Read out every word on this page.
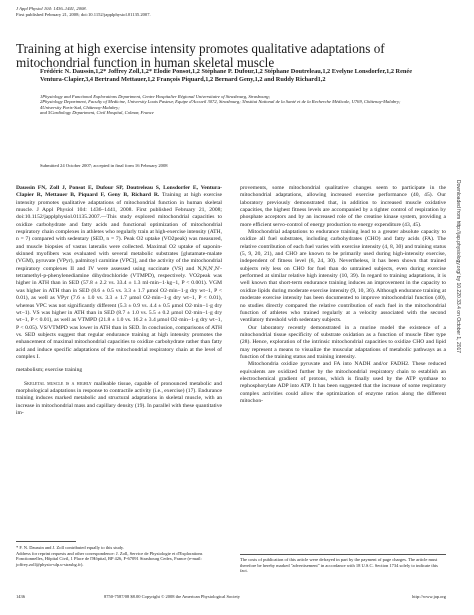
J Appl Physiol 104: 1436–1441, 2008.
First published February 21, 2008; doi:10.1152/japplphysiol.01135.2007.
Training at high exercise intensity promotes qualitative adaptations of mitochondrial function in human skeletal muscle
Frédéric N. Daussin,1,2* Joffrey Zoll,1,2* Elodie Ponsot,1,2 Stéphane P. Dufour,1,2 Stéphane Doutreleau,1,2 Evelyne Lonsdorfer,1,2 Renée Ventura-Clapier,3,4 Bertrand Mettauer,1,2 François Piquard,1,2 Bernard Geny,1,2 and Ruddy Richard1,2
1Physiology and Functional Explorations Department, Centre Hospitalier Régional Universitaire of Strasbourg, Strasbourg;
2Physiology Department, Faculty of Medicine, University Louis Pasteur, Equipe d'Accueil 3072, Strasbourg; 3Institut National de la Santé et de la Recherche Médicale, U769, Châtenay-Malabry; 4University Paris-Sud, Châtenay-Malabry;
and 5Cardiology Department, Civil Hospital, Colmar, France
Submitted 24 October 2007; accepted in final form 16 February 2008
Downloaded from http://jap.physiology.org/ by 10.220.33.4 on October 1, 2017

Daussin FN, Zoll J, Ponsot E, Dufour SP, Doutreleau S, Lonsdorfer E, Ventura-Clapier R, Mettauer B, Piquard F, Geny B, Richard R. Training at high exercise intensity promotes qualitative adaptations of mitochondrial function in human skeletal muscle. J Appl Physiol 104: 1436–1441, 2008. First published February 21, 2008; doi:10.1152/japplphysiol.01135.2007.—This study explored mitochondrial capacities to oxidize carbohydrate and fatty acids and functional optimization of mitochondrial respiratory chain complexes in athletes who regularly train at high-exercise intensity (ATH, n = 7) compared with sedentary (SED, n = 7). Peak O2 uptake (VO2peak) was measured, and muscle biopsies of vastus lateralis were collected. Maximal O2 uptake of saponin-skinned myofibers was evaluated with several metabolic substrates [glutamate-malate (VGM), pyruvate (VPyr), palmitoyl carnitine (VPC)], and the activity of the mitochondrial respiratory complexes II and IV were assessed using succinate (VS) and N,N,N′,N′-tetramethyl-p-phenylenediamine dihydrochloride (VTMPD), respectively. VO2peak was higher in ATH than in SED (57.8 ± 2.2 vs. 33.4 ± 1.3 ml·min−1·kg−1, P < 0.001). VGM was higher in ATH than in SED (8.6 ± 0.5 vs. 3.3 ± 1.7 μmol O2·min−1·g dry wt−1, P < 0.01), as well as VPyr (7.6 ± 1.0 vs. 3.3 ± 1.7 μmol O2·min−1·g dry wt−1, P < 0.01), whereas VPC was not significantly different (5.3 ± 0.9 vs. 4.4 ± 0.5 μmol O2·min−1·g dry wt−1). VS was higher in ATH than in SED (8.7 ± 1.0 vs. 5.5 ± 0.2 μmol O2·min−1·g dry wt−1, P < 0.01), as well as VTMPD (21.8 ± 1.0 vs. 16.2 ± 3.4 μmol O2·min−1·g dry wt−1, P < 0.05). VS/VTMPD was lower in ATH than in SED. In conclusion, comparisons of ATH vs. SED subjects suggest that regular endurance training at high intensity promotes the enhancement of maximal mitochondrial capacities to oxidize carbohydrate rather than fatty acid and induce specific adaptations of the mitochondrial respiratory chain at the level of complex I.

metabolism; exercise training

Skeletal muscle is a highly malleable tissue, capable of pronounced metabolic and morphological adaptations in response to contractile activity (i.e., exercise) (17). Endurance training induces marked metabolic and structural adaptations in skeletal muscle, with an increase in mitochondrial mass and capillary density (19). In parallel with these quantitative im-

provements, some mitochondrial qualitative changes seem to participate in the mitochondrial adaptations, allowing increased exercise performance (40, 45). Our laboratory previously demonstrated that, in addition to increased muscle oxidative capacities, the highest fitness levels are accompanied by a tighter control of respiration by phosphate acceptors and by an increased role of the creatine kinase system, providing a more efficient servo-control of energy production to energy expenditure (43, 45).

Mitochondrial adaptations to endurance training lead to a greater absolute capacity to oxidize all fuel substrates, including carbohydrates (CHO) and fatty acids (FA). The relative contribution of each fuel varies with exercise intensity (4, 8, 30) and training status (5, 9, 20, 21), and CHO are known to be primarily used during high-intensity exercise, independent of fitness level (6, 24, 30). Nevertheless, it has been shown that trained subjects rely less on CHO for fuel than do untrained subjects, even during exercise performed at similar relative high intensity (10, 39). In regard to training adaptations, it is well known that short-term endurance training induces an improvement in the capacity to oxidize lipids during moderate exercise intensity (9, 10, 36). Although endurance training at moderate exercise intensity has been documented to improve mitochondrial function (40), no studies directly compared the relative contribution of each fuel in the mitochondrial function of athletes who trained regularly at a velocity associated with the second ventilatory threshold with sedentary subjects.

Our laboratory recently demonstrated in a murine model the existence of a mitochondrial tissue specificity of substrate oxidation as a function of muscle fiber type (28). Hence, exploration of the intrinsic mitochondrial capacities to oxidize CHO and lipid may represent a means to visualize the muscular adaptations of metabolic pathways as a function of the training status and training intensity.

Mitochondria oxidize pyruvate and FA into NADH and/or FADH2. These reduced equivalents are oxidized further by the mitochondrial respiratory chain to establish an electrochemical gradient of protons, which is finally used by the ATP synthase to rephosphorylate ADP into ATP. It has been suggested that the increase of some respiratory complex activities could allow the optimization of enzyme ratios along the different mitochon-

* F. N. Daussin and J. Zoll contributed equally to this study.
Address for reprint requests and other correspondence: J. Zoll, Service de Physiologie et d'Explorations Fonctionnelles, Hôpital Civil, 1 Place de l'Hôpital, BP 426, F-67091 Strasbourg Cedex, France (e-mail: joffrey.zoll@physio-ulp.u-strasbg.fr).
The costs of publication of this article were defrayed in part by the payment of page charges. The article must therefore be hereby marked "advertisement" in accordance with 18 U.S.C. Section 1734 solely to indicate this fact.
1436	8750-7587/08 $8.00 Copyright © 2008 the American Physiological Society	http://www.jap.org
